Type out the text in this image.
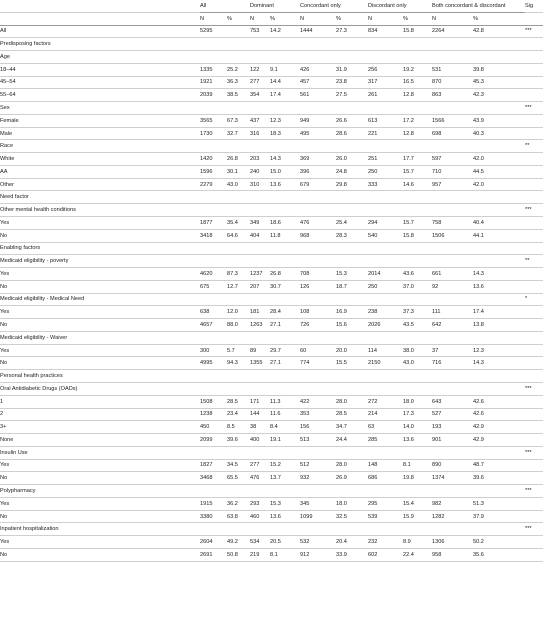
	All		Dominant		Concordant only		Discordant only		Both concordant & discordant		Sig
	N	%	N	%	N	%	N	%	N	%	
All	5295		753	14.2	1444	27.3	834	15.8	2264	42.8	***
Predisposing factors											
Age											
18–44	1335	25.2	122	9.1	426	31.9	256	19.2	531	39.8	
45–54	1921	36.3	277	14.4	457	23.8	317	16.5	870	45.3	
55–64	2039	38.5	354	17.4	561	27.5	261	12.8	863	42.3	
Sex											***
Female	3565	67.3	437	12.3	949	26.6	613	17.2	1566	43.9	
Male	1730	32.7	316	18.3	495	28.6	221	12.8	698	40.3	
Race											**
White	1420	26.8	203	14.3	369	26.0	251	17.7	597	42.0	
AA	1596	30.1	240	15.0	396	24.8	250	15.7	710	44.5	
Other	2279	43.0	310	13.6	679	29.8	333	14.6	957	42.0	
Need factor											
Other mental health conditions											***
Yes	1877	35.4	349	18.6	476	25.4	294	15.7	758	40.4	
No	3418	64.6	404	11.8	968	28.3	540	15.8	1506	44.1	
Enabling factors											
Medicaid eligibility - poverty											**
Yes	4620	87.3	1237	26.8	708	15.3	2014	43.6	661	14.3	
No	675	12.7	207	30.7	126	18.7	250	37.0	92	13.6	
Medicaid eligibility - Medical Need											*
Yes	638	12.0	181	28.4	108	16.9	238	37.3	111	17.4	
No	4657	88.0	1263	27.1	726	15.6	2026	43.5	642	13.8	
Medicaid eligibility - Waiver											
Yes	300	5.7	89	29.7	60	20.0	114	38.0	37	12.3	
No	4995	94.3	1355	27.1	774	15.5	2150	43.0	716	14.3	
Personal health practices											
Oral Antidiabetic Drugs (OADs)											***
1	1508	28.5	171	11.3	422	28.0	272	18.0	643	42.6	
2	1238	23.4	144	11.6	353	28.5	214	17.3	527	42.6	
3+	450	8.5	38	8.4	156	34.7	63	14.0	193	42.9	
None	2099	39.6	400	19.1	513	24.4	285	13.6	901	42.9	
Insulin Use											***
Yes	1827	34.5	277	15.2	512	28.0	148	8.1	890	48.7	
No	3468	65.5	476	13.7	932	26.9	686	19.8	1374	39.6	
Polypharmacy											***
Yes	1915	36.2	293	15.3	345	18.0	295	15.4	982	51.3	
No	3380	63.8	460	13.6	1099	32.5	539	15.9	1282	37.9	
Inpatient hospitalization											***
Yes	2604	49.2	534	20.5	532	20.4	232	8.9	1306	50.2	
No	2691	50.8	219	8.1	912	33.9	602	22.4	958	35.6	
